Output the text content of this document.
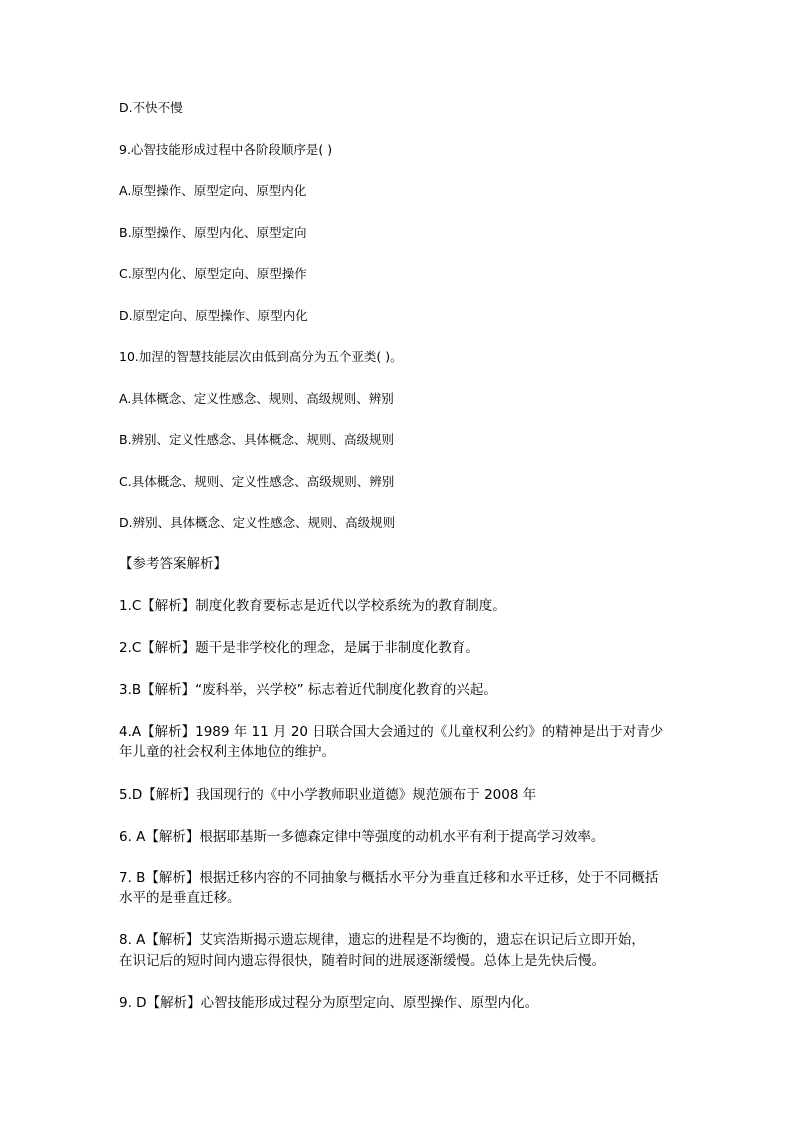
D.不快不慢

9.心智技能形成过程中各阶段顺序是( )

A.原型操作、原型定向、原型内化

B.原型操作、原型内化、原型定向

C.原型内化、原型定向、原型操作

D.原型定向、原型操作、原型内化

10.加涅的智慧技能层次由低到高分为五个亚类( )。

A.具体概念、定义性感念、规则、高级规则、辨别

B.辨别、定义性感念、具体概念、规则、高级规则

C.具体概念、规则、定义性感念、高级规则、辨别

D.辨别、具体概念、定义性感念、规则、高级规则

【参考答案解析】

1.C【解析】制度化教育要标志是近代以学校系统为的教育制度。

2.C【解析】题干是非学校化的理念，是属于非制度化教育。

3.B【解析】“废科举，兴学校” 标志着近代制度化教育的兴起。

4.A【解析】1989 年 11 月 20 日联合国大会通过的《儿童权利公约》的精神是出于对青少

年儿童的社会权利主体地位的维护。

5.D【解析】我国现行的《中小学教师职业道德》规范颁布于 2008 年

6. A【解析】根据耶基斯一多德森定律中等强度的动机水平有利于提高学习效率。

7. B【解析】根据迁移内容的不同抽象与概括水平分为垂直迁移和水平迁移，处于不同概括

水平的是垂直迁移。

8. A【解析】艾宾浩斯揭示遗忘规律，遗忘的进程是不均衡的，遗忘在识记后立即开始，

在识记后的短时间内遗忘得很快，随着时间的进展逐渐缓慢。总体上是先快后慢。

9. D【解析】心智技能形成过程分为原型定向、原型操作、原型内化。
